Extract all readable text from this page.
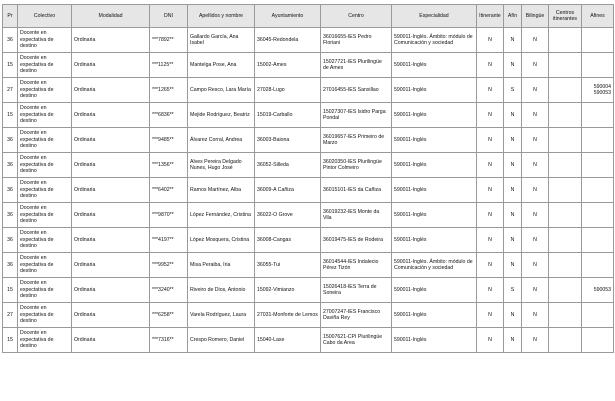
Pr	Colectivo	Modalidad	DNI	Apellidos y nombre	Ayuntamiento	Centro	Especialidad	Itinerante	Afín	Bilingüe	Centros itinerantes	Afines
36	Docente en expectativa de destino	Ordinaria	***7892**	Gallardo García, Ana Isabel	36045-Redondela	36016655-IES Pedro Floriani	590011-Inglés. Ámbito: módulo de Comunicación y sociedad	N	N	N		
15	Docente en expectativa de destino	Ordinaria	***1125**	Mantelga Pose, Ana	15002-Ames	15027721-IES Plurilingüe de Ames	590011-Inglés	N	N	N		
27	Docente en expectativa de destino	Ordinaria	***1265**	Campo Resco, Lara María	27028-Lugo	27016455-IES Sanxillao	590011-Inglés	N	S	N		590004 590053
15	Docente en expectativa de destino	Ordinaria	***6836**	Mejide Rodríguez, Beatriz	15019-Carballo	15027307-IES Isidro Parga Pondal	590011-Inglés	N	N	N		
36	Docente en expectativa de destino	Ordinaria	***9485**	Álvarez Corral, Andrea	36003-Baiona	36019657-IES Primeiro de Marzo	590011-Inglés	N	N	N		
36	Docente en expectativa de destino	Ordinaria	***1356**	Alves Pereira Delgado Nunes, Hugo José	36052-Silleda	36020350-IES Plurilingüe Pintor Colmeiro	590011-Inglés	N	N	N		
36	Docente en expectativa de destino	Ordinaria	***6402**	Ramos Martínez, Alba	36009-A Cañiza	36015101-IES da Cañiza	590011-Inglés	N	N	N		
36	Docente en expectativa de destino	Ordinaria	***9870**	López Fernández, Cristina	36022-O Grove	36019232-IES Monte da Vila	590011-Inglés	N	N	N		
36	Docente en expectativa de destino	Ordinaria	***4197**	López Mosquera, Cristina	36008-Cangas	36019475-IES de Rodeira	590011-Inglés	N	N	N		
36	Docente en expectativa de destino	Ordinaria	***9952**	Misa Peraiba, Iria	36055-Tui	36014544-IES Indalecio Pérez Tizón	590011-Inglés. Ámbito: módulo de Comunicación y sociedad	N	N	N		
15	Docente en expectativa de destino	Ordinaria	***3240**	Riveiro de Dios, Antonio	15092-Vimianzo	15026418-IES Terra de Soneira	590011-Inglés	N	S	N		590053
27	Docente en expectativa de destino	Ordinaria	***6258**	Varela Rodríguez, Laura	27031-Monforte de Lemos	27007247-IES Francisco Daviña Rey	590011-Inglés	N	N	N		
15	Docente en expectativa de destino	Ordinaria	***7316**	Crespo Romero, Daniel	15040-Laxe	15007621-CPI Plurilingüe Cabo da Area	590011-Inglés	N	N	N		
